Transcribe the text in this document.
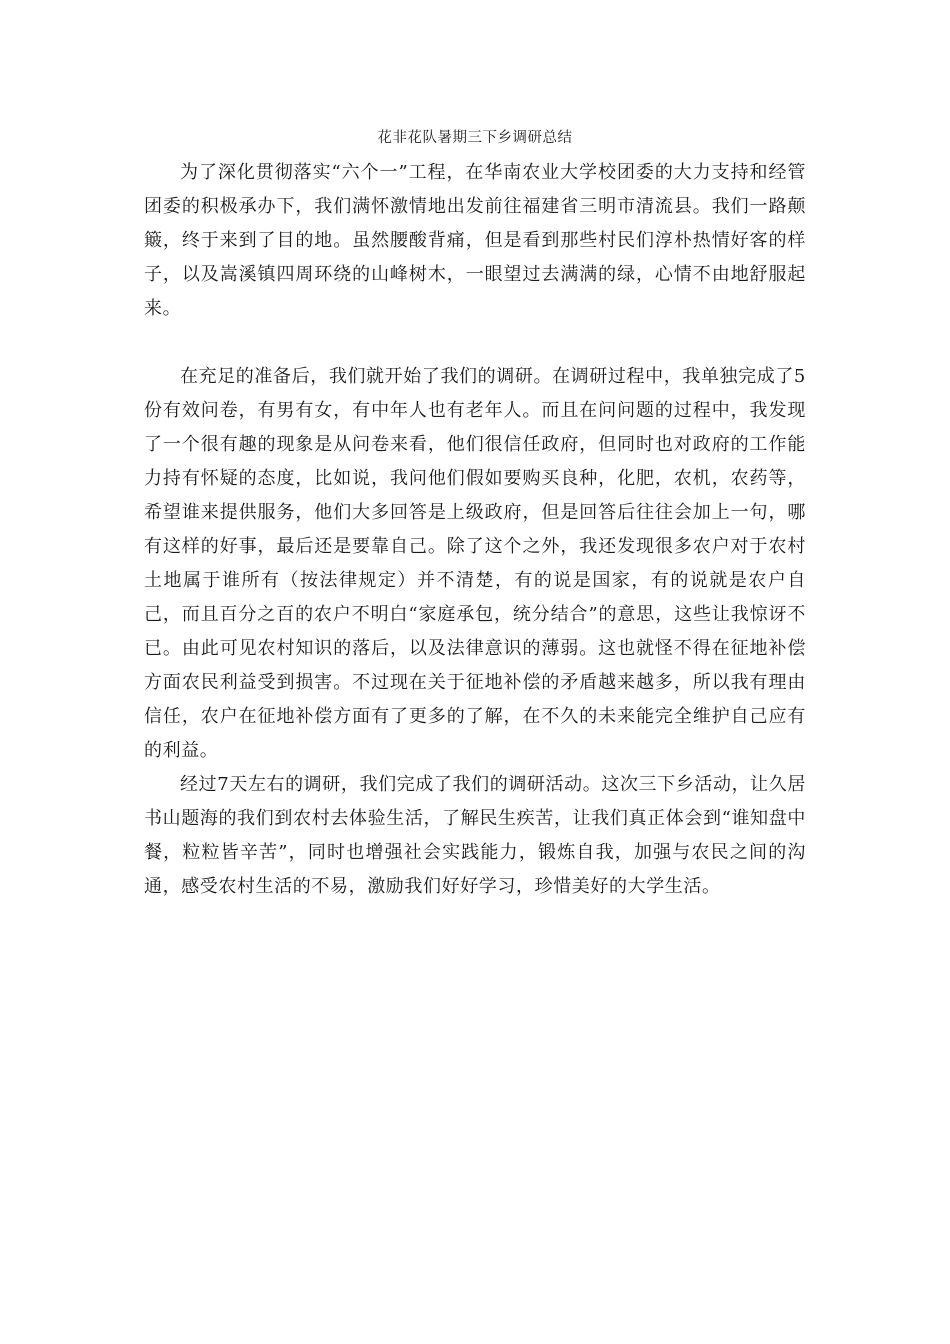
花非花队暑期三下乡调研总结

为了深化贯彻落实“六个一”工程，在华南农业大学校团委的大力支持和经管团委的积极承办下，我们满怀激情地出发前往福建省三明市清流县。我们一路颠簸，终于来到了目的地。虽然腰酸背痛，但是看到那些村民们淳朴热情好客的样子，以及嵩溪镇四周环绕的山峰树木，一眼望过去满满的绿，心情不由地舒服起来。

在充足的准备后，我们就开始了我们的调研。在调研过程中，我单独完成了5份有效问卷，有男有女，有中年人也有老年人。而且在问问题的过程中，我发现了一个很有趣的现象是从问卷来看，他们很信任政府，但同时也对政府的工作能力持有怀疑的态度，比如说，我问他们假如要购买良种，化肥，农机，农药等，希望谁来提供服务，他们大多回答是上级政府，但是回答后往往会加上一句，哪有这样的好事，最后还是要靠自己。除了这个之外，我还发现很多农户对于农村土地属于谁所有（按法律规定）并不清楚，有的说是国家，有的说就是农户自己，而且百分之百的农户不明白“家庭承包，统分结合”的意思，这些让我惊讶不已。由此可见农村知识的落后，以及法律意识的薄弱。这也就怪不得在征地补偿方面农民利益受到损害。不过现在关于征地补偿的矛盾越来越多，所以我有理由信任，农户在征地补偿方面有了更多的了解，在不久的未来能完全维护自己应有的利益。

经过7天左右的调研，我们完成了我们的调研活动。这次三下乡活动，让久居书山题海的我们到农村去体验生活，了解民生疾苦，让我们真正体会到“谁知盘中餐，粒粒皆辛苦”，同时也增强社会实践能力，锻炼自我，加强与农民之间的沟通，感受农村生活的不易，激励我们好好学习，珍惜美好的大学生活。
